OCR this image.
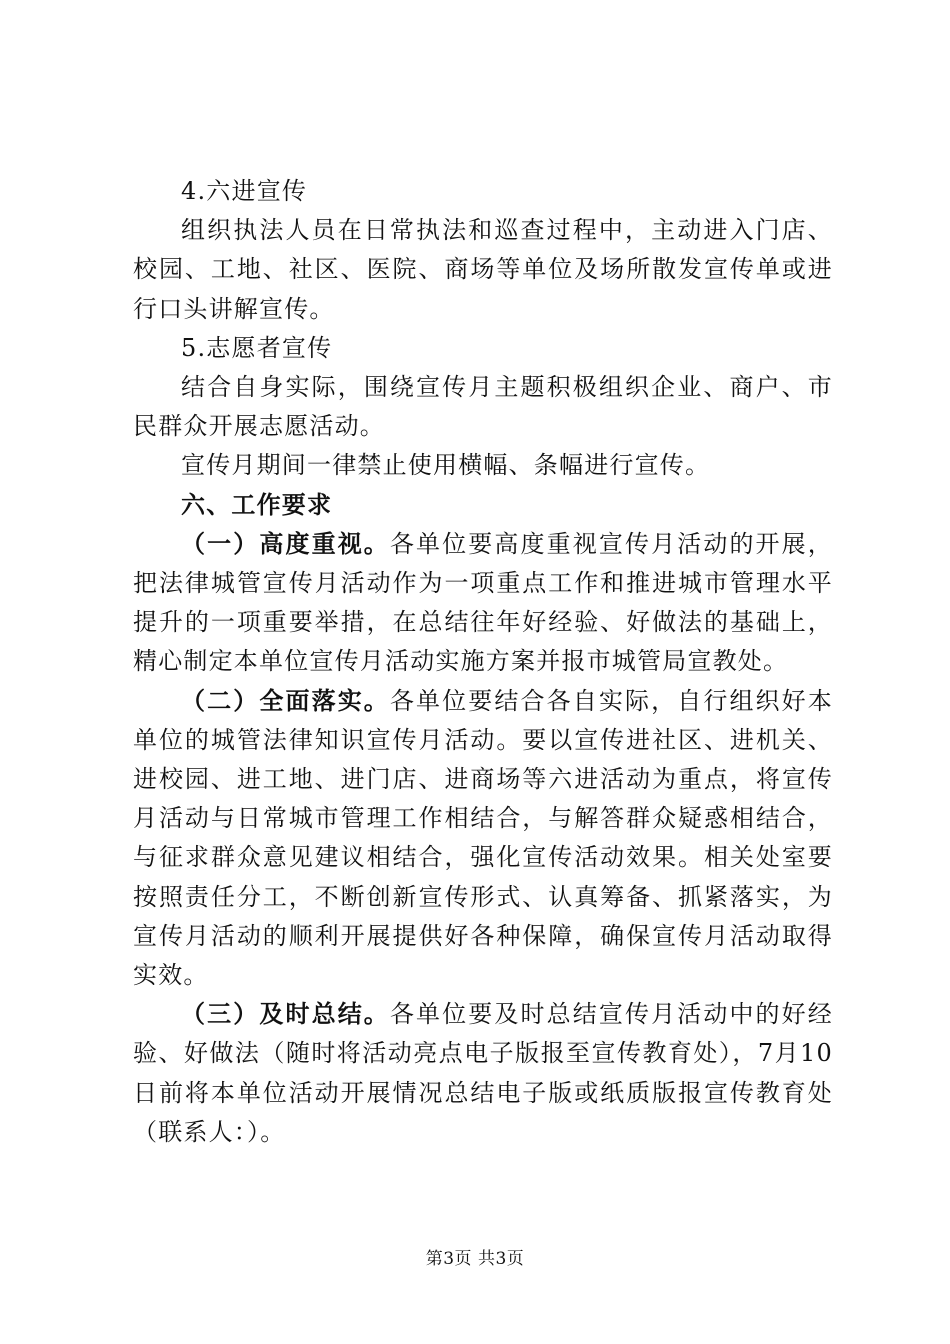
4.六进宣传

组织执法人员在日常执法和巡查过程中，主动进入门店、校园、工地、社区、医院、商场等单位及场所散发宣传单或进行口头讲解宣传。

5.志愿者宣传

结合自身实际，围绕宣传月主题积极组织企业、商户、市民群众开展志愿活动。

宣传月期间一律禁止使用横幅、条幅进行宣传。

六、工作要求

（一）高度重视。各单位要高度重视宣传月活动的开展，把法律城管宣传月活动作为一项重点工作和推进城市管理水平提升的一项重要举措，在总结往年好经验、好做法的基础上，精心制定本单位宣传月活动实施方案并报市城管局宣教处。

（二）全面落实。各单位要结合各自实际，自行组织好本单位的城管法律知识宣传月活动。要以宣传进社区、进机关、进校园、进工地、进门店、进商场等六进活动为重点，将宣传月活动与日常城市管理工作相结合，与解答群众疑惑相结合，与征求群众意见建议相结合，强化宣传活动效果。相关处室要按照责任分工，不断创新宣传形式、认真筹备、抓紧落实，为宣传月活动的顺利开展提供好各种保障，确保宣传月活动取得实效。

（三）及时总结。各单位要及时总结宣传月活动中的好经验、好做法（随时将活动亮点电子版报至宣传教育处），7月10日前将本单位活动开展情况总结电子版或纸质版报宣传教育处（联系人：）。

第3页 共3页
